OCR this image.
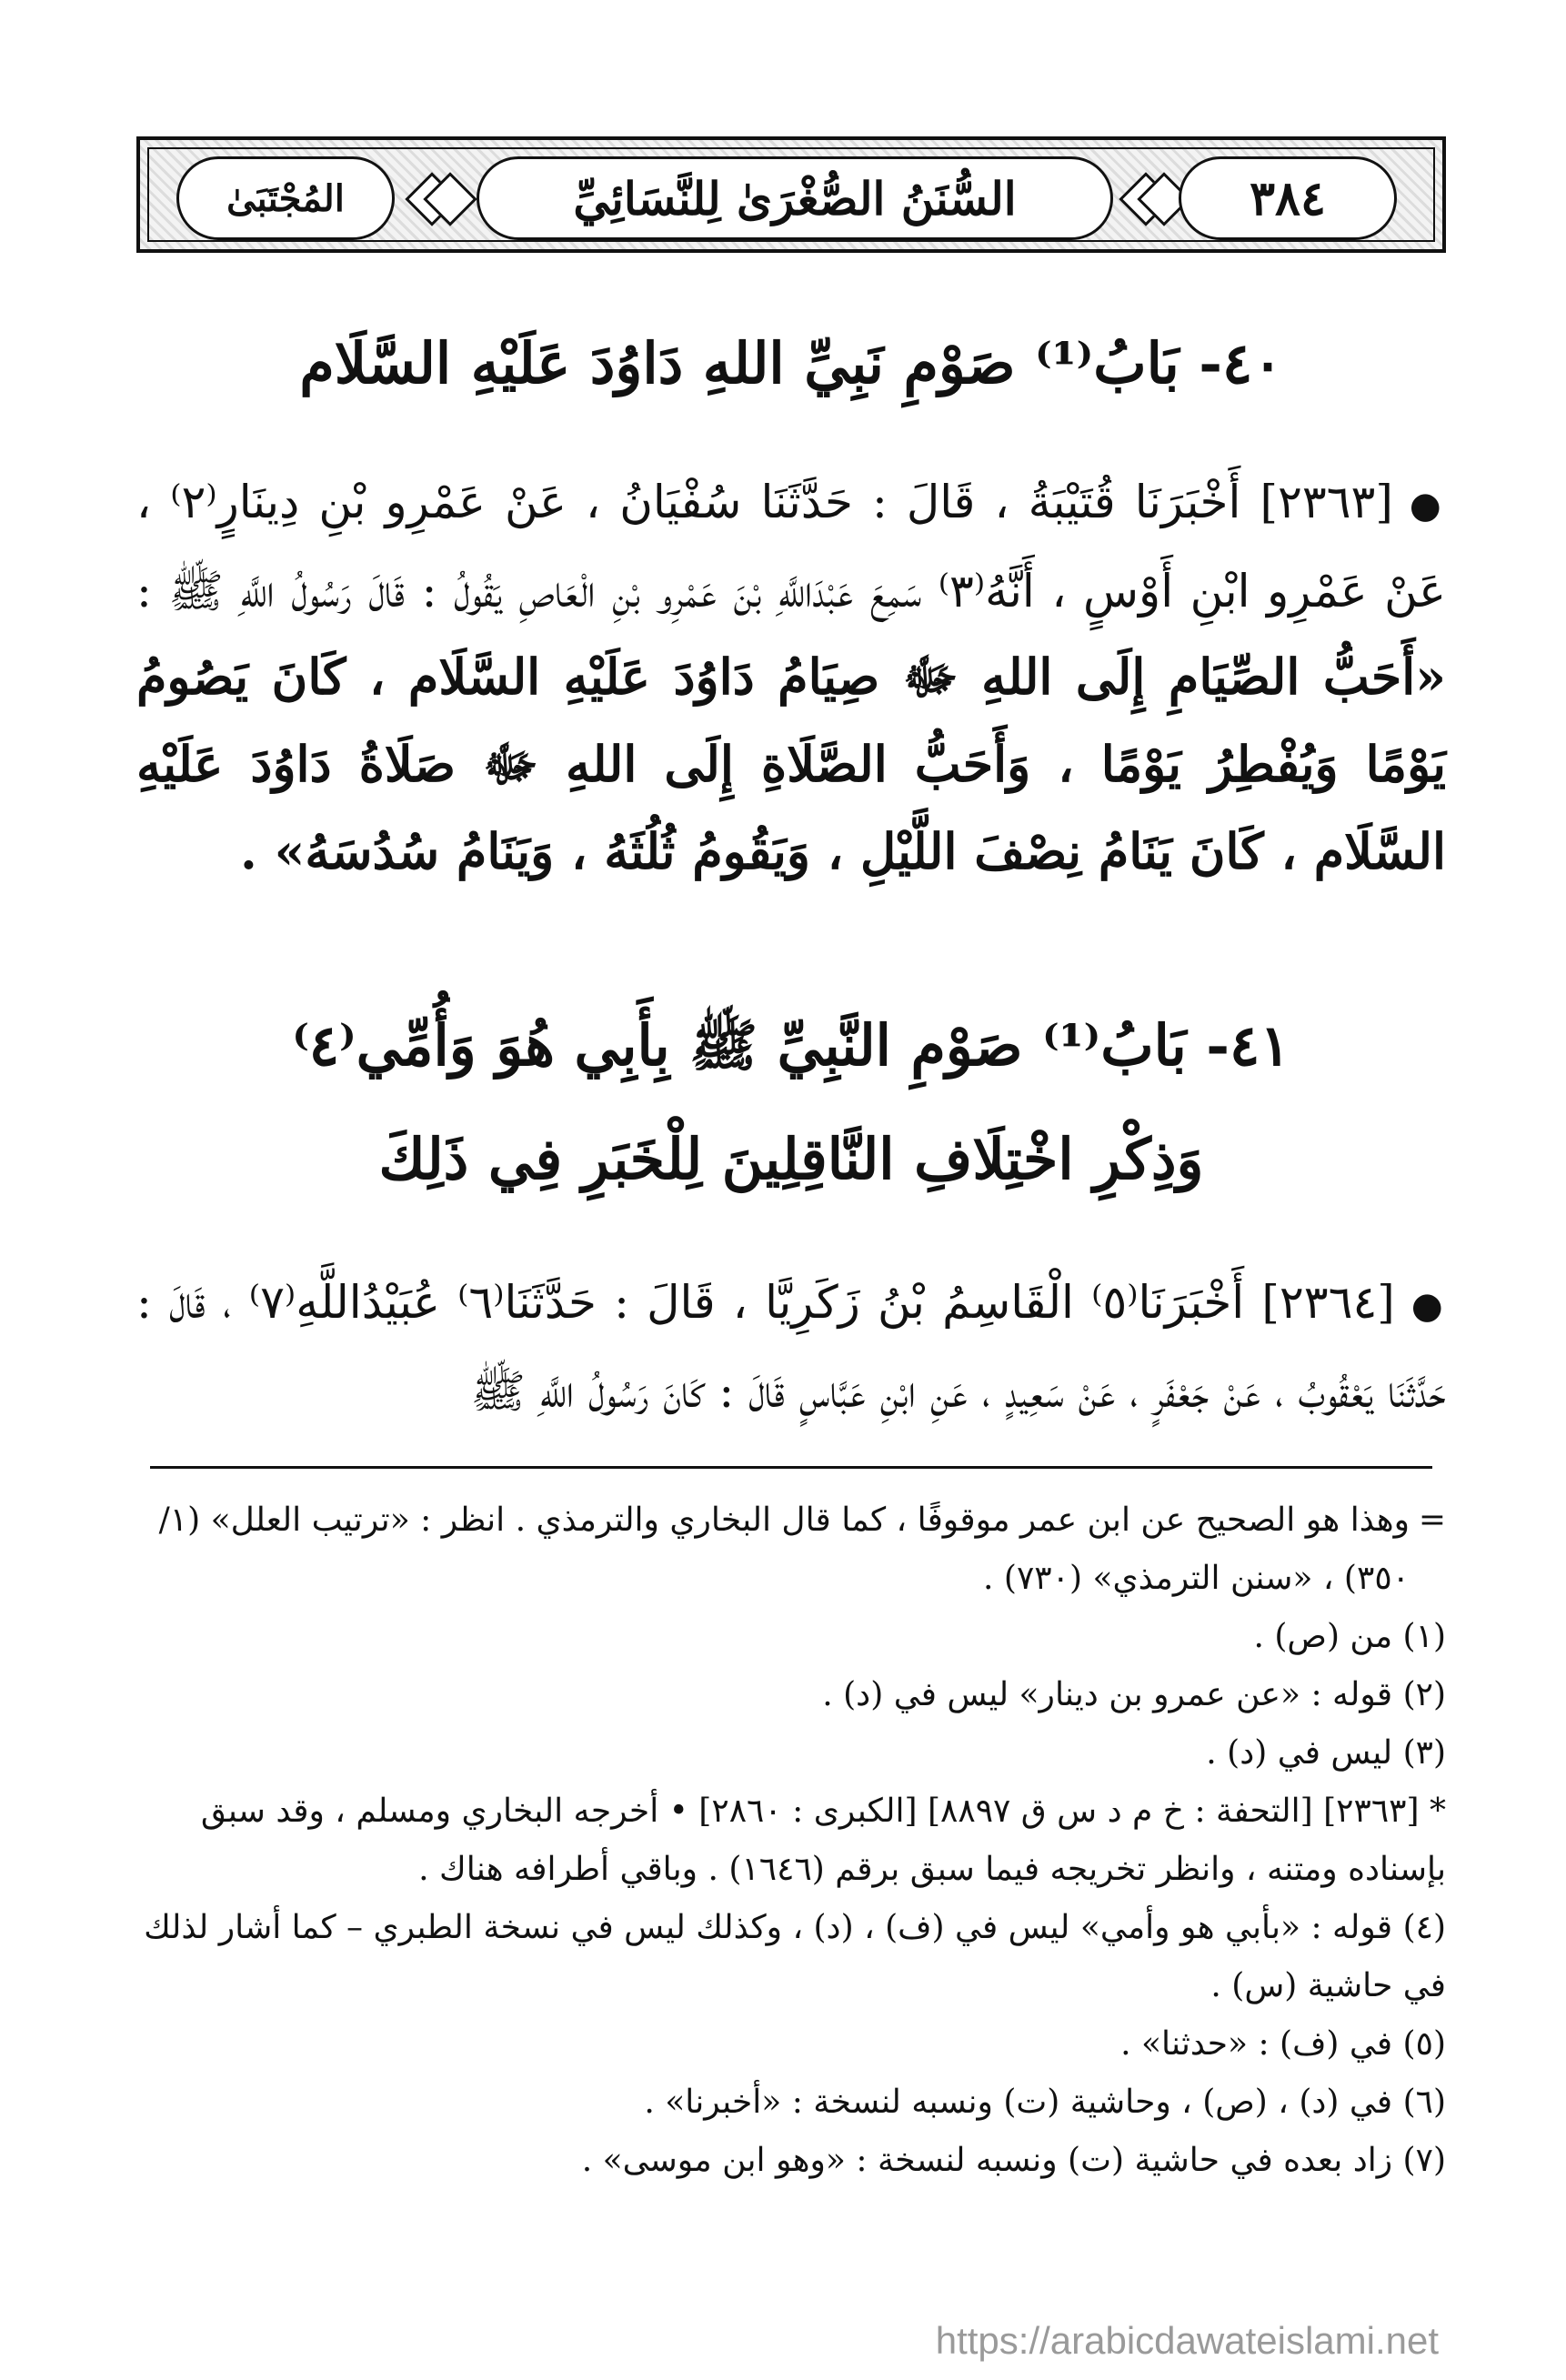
المُجْتَبَىٰ	السُّنَنُ الصُّغْرَىٰ لِلنَّسَائِيِّ	٣٨٤
٤٠- بَابُ⁽¹⁾ صَوْمِ نَبِيِّ اللهِ دَاوُدَ عَلَيْهِ السَّلَام
●[٢٣٦٣] أَخْبَرَنَا قُتَيْبَةُ ، قَالَ : حَدَّثَنَا سُفْيَانُ ، عَنْ عَمْرِو بْنِ دِينَارٍ⁽٢⁾ ، عَنْ عَمْرِو ابْنِ أَوْسٍ ، أَنَّهُ⁽٣⁾ سَمِعَ عَبْدَاللَّهِ بْنَ عَمْرِو بْنِ الْعَاصِ يَقُولُ : قَالَ رَسُولُ اللَّهِ ﷺ : «أَحَبُّ الصِّيَامِ إِلَى اللهِ ﷻ صِيَامُ دَاوُدَ عَلَيْهِ السَّلَام ، كَانَ يَصُومُ يَوْمًا وَيُفْطِرُ يَوْمًا ، وَأَحَبُّ الصَّلَاةِ إِلَى اللهِ ﷻ صَلَاةُ دَاوُدَ عَلَيْهِ السَّلَام ، كَانَ يَنَامُ نِصْفَ اللَّيْلِ ، وَيَقُومُ ثُلُثَهُ ، وَيَنَامُ سُدُسَهُ» .
٤١- بَابُ⁽¹⁾ صَوْمِ النَّبِيِّ ﷺ بِأَبِي هُوَ وَأُمِّي⁽٤⁾
وَذِكْرِ اخْتِلَافِ النَّاقِلِينَ لِلْخَبَرِ فِي ذَلِكَ
●[٢٣٦٤] أَخْبَرَنَا⁽٥⁾ الْقَاسِمُ بْنُ زَكَرِيَّا ، قَالَ : حَدَّثَنَا⁽٦⁾ عُبَيْدُاللَّهِ⁽٧⁾ ، قَالَ : حَدَّثَنَا يَعْقُوبُ ، عَنْ جَعْفَرٍ ، عَنْ سَعِيدٍ ، عَنِ ابْنِ عَبَّاسٍ قَالَ : كَانَ رَسُولُ اللَّهِ ﷺ
=

وهذا هو الصحيح عن ابن عمر موقوفًا ، كما قال البخاري والترمذي . انظر : «ترتيب العلل» (١/ ٣٥٠) ، «سنن الترمذي» (٧٣٠) .

(١) من (ص) .

(٢) قوله : «عن عمرو بن دينار» ليس في (د) .

(٣) ليس في (د) .

* [٢٣٦٣] [التحفة : خ م د س ق ٨٨٩٧] [الكبرى : ٢٨٦٠] • أخرجه البخاري ومسلم ، وقد سبق بإسناده ومتنه ، وانظر تخريجه فيما سبق برقم (١٦٤٦) . وباقي أطرافه هناك .

(٤) قوله : «بأبي هو وأمي» ليس في (ف) ، (د) ، وكذلك ليس في نسخة الطبري – كما أشار لذلك في حاشية (س) .

(٥) في (ف) : «حدثنا» .

(٦) في (د) ، (ص) ، وحاشية (ت) ونسبه لنسخة : «أخبرنا» .

(٧) زاد بعده في حاشية (ت) ونسبه لنسخة : «وهو ابن موسى» .

https://arabicdawateislami.net
